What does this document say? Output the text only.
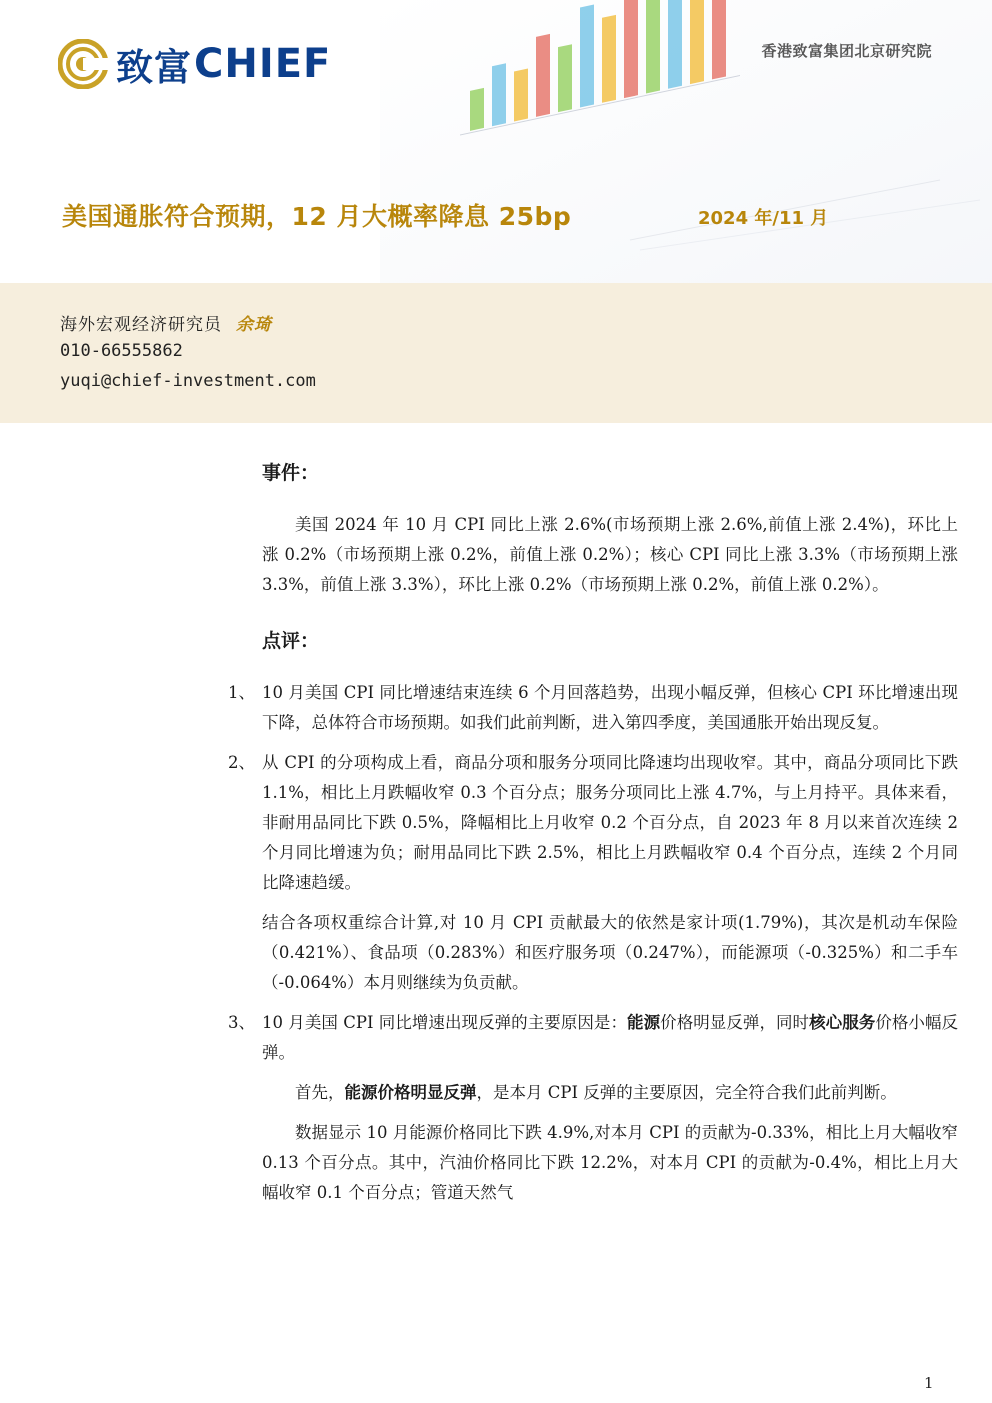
致富 CHIEF	香港致富集团北京研究院
美国通胀符合预期，12 月大概率降息 25bp	2024 年/11 月
海外宏观经济研究员 余琦
010-66555862
yuqi@chief-investment.com

事件：

美国 2024 年 10 月 CPI 同比上涨 2.6%(市场预期上涨 2.6%,前值上涨 2.4%)，环比上涨 0.2%（市场预期上涨 0.2%，前值上涨 0.2%）；核心 CPI 同比上涨 3.3%（市场预期上涨 3.3%，前值上涨 3.3%），环比上涨 0.2%（市场预期上涨 0.2%，前值上涨 0.2%）。

点评：

1、 10 月美国 CPI 同比增速结束连续 6 个月回落趋势，出现小幅反弹，但核心 CPI 环比增速出现下降，总体符合市场预期。如我们此前判断，进入第四季度，美国通胀开始出现反复。
2、 从 CPI 的分项构成上看，商品分项和服务分项同比降速均出现收窄。其中，商品分项同比下跌 1.1%，相比上月跌幅收窄 0.3 个百分点；服务分项同比上涨 4.7%，与上月持平。具体来看，非耐用品同比下跌 0.5%，降幅相比上月收窄 0.2 个百分点，自 2023 年 8 月以来首次连续 2 个月同比增速为负；耐用品同比下跌 2.5%，相比上月跌幅收窄 0.4 个百分点，连续 2 个月同比降速趋缓。

结合各项权重综合计算,对 10 月 CPI 贡献最大的依然是家计项(1.79%)，其次是机动车保险（0.421%）、食品项（0.283%）和医疗服务项（0.247%），而能源项（-0.325%）和二手车（-0.064%）本月则继续为负贡献。

3、 10 月美国 CPI 同比增速出现反弹的主要原因是：能源价格明显反弹，同时核心服务价格小幅反弹。

首先，能源价格明显反弹，是本月 CPI 反弹的主要原因，完全符合我们此前判断。

数据显示 10 月能源价格同比下跌 4.9%,对本月 CPI 的贡献为-0.33%，相比上月大幅收窄 0.13 个百分点。其中，汽油价格同比下跌 12.2%，对本月 CPI 的贡献为-0.4%，相比上月大幅收窄 0.1 个百分点；管道天然气

1
